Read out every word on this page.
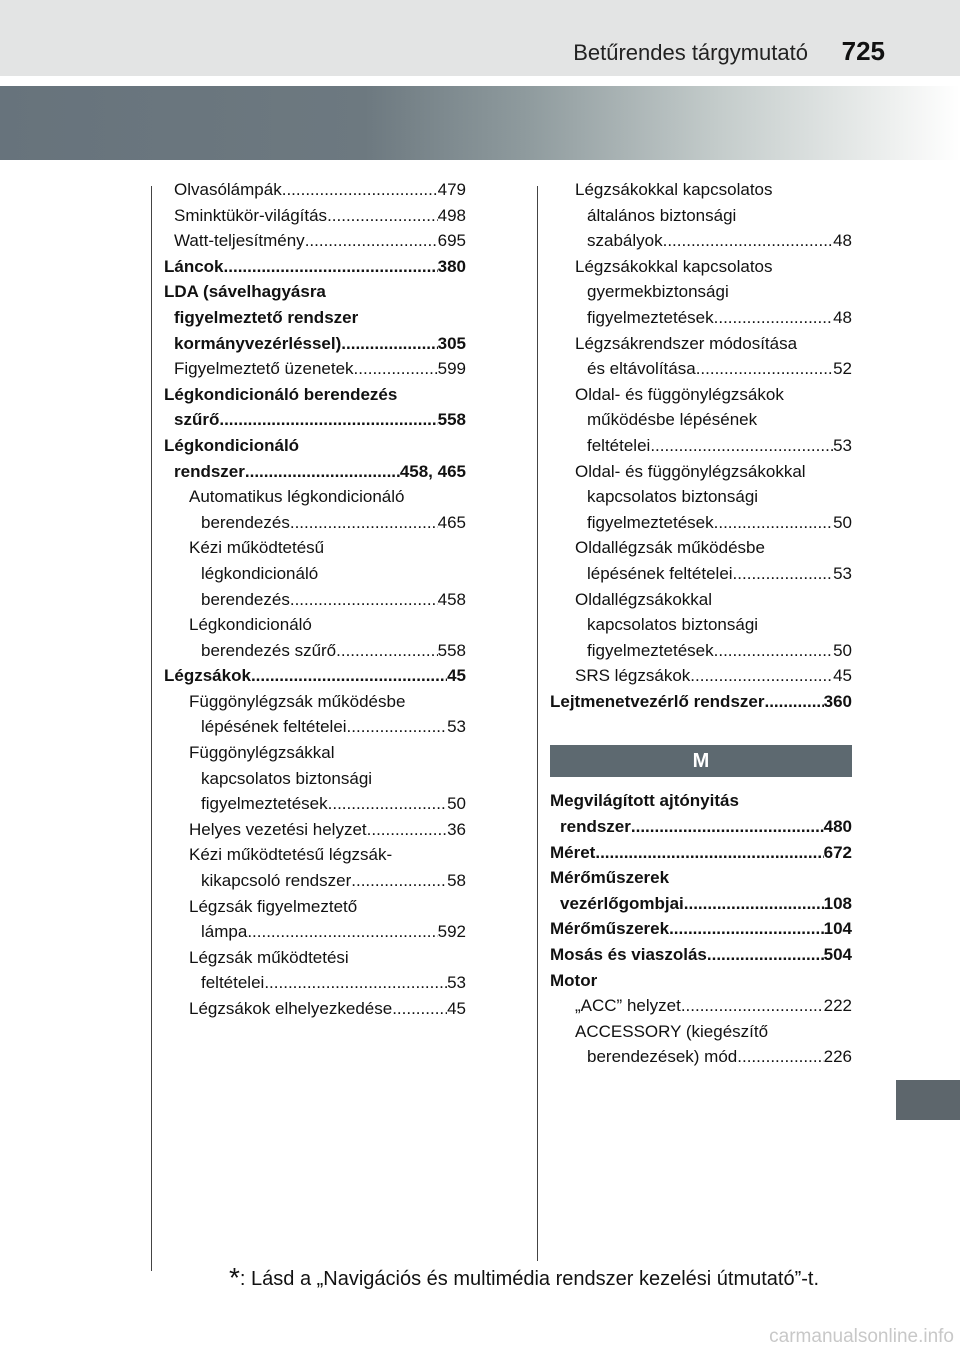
Betűrendes tárgymutató 725
Olvasólámpák .....	479
Sminktükör-világítás .....	498
Watt-teljesítmény .....	695
Láncok .....	380
LDA (sávelhagyásra
figyelmeztető rendszer
kormányvezérléssel) .....	305
Figyelmeztető üzenetek .....	599
Légkondicionáló berendezés
szűrő .....	558
Légkondicionáló
rendszer .....	458, 465
Automatikus légkondicionáló
berendezés .....	465
Kézi működtetésű
légkondicionáló
berendezés .....	458
Légkondicionáló
berendezés szűrő .....	558
Légzsákok .....	45
Függönylégzsák működésbe
lépésének feltételei .....	53
Függönylégzsákkal
kapcsolatos biztonsági
figyelmeztetések .....	50
Helyes vezetési helyzet .....	36
Kézi működtetésű légzsák-
kikapcsoló rendszer .....	58
Légzsák figyelmeztető
lámpa .....	592
Légzsák működtetési
feltételei .....	53
Légzsákok elhelyezkedése .....	45
Légzsákokkal kapcsolatos
általános biztonsági
szabályok .....	48
Légzsákokkal kapcsolatos
gyermekbiztonsági
figyelmeztetések .....	48
Légzsákrendszer módosítása
és eltávolítása .....	52
Oldal- és függönylégzsákok
működésbe lépésének
feltételei .....	53
Oldal- és függönylégzsákokkal
kapcsolatos biztonsági
figyelmeztetések .....	50
Oldallégzsák működésbe
lépésének feltételei .....	53
Oldallégzsákokkal
kapcsolatos biztonsági
figyelmeztetések .....	50
SRS légzsákok .....	45
Lejtmenetvezérlő rendszer .....	360
M
Megvilágított ajtónyitás
rendszer .....	480
Méret .....	672
Mérőműszerek
vezérlőgombjai .....	108
Mérőműszerek .....	104
Mosás és viaszolás .....	504
Motor
„ACC” helyzet .....	222
ACCESSORY (kiegészítő
berendezések) mód .....	226
*: Lásd a „Navigációs és multimédia rendszer kezelési útmutató”-t.
carmanualsonline.info
